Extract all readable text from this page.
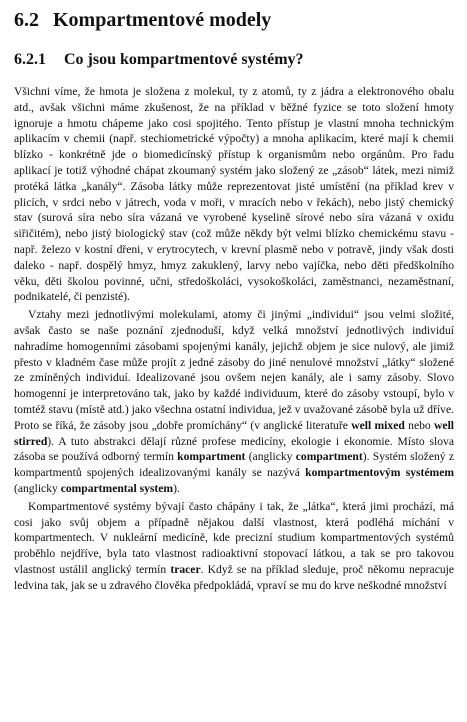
6.2 Kompartmentové modely
6.2.1 Co jsou kompartmentové systémy?

Všichni víme, že hmota je složena z molekul, ty z atomů, ty z jádra a elektronového obalu atd., avšak všichni máme zkušenost, že na příklad v běžné fyzice se toto složení hmoty ignoruje a hmotu chápeme jako cosi spojitého. Tento přístup je vlastní mnoha technickým aplikacím v chemii (např. stechiometrické výpočty) a mnoha aplikacím, které mají k chemii blízko - konkrétně jde o biomedicínský přístup k organismům nebo orgánům. Pro řadu aplikací je totiž výhodné chápat zkoumaný systém jako složený ze „zásob“ látek, mezi nimiž protéká látka „kanály“. Zásoba látky může reprezentovat jisté umístění (na příklad krev v plicích, v srdci nebo v játrech, voda v moři, v mracích nebo v řekách), nebo jistý chemický stav (surová síra nebo síra vázaná ve vyrobené kyselině sírové nebo síra vázaná v oxidu siřičitém), nebo jistý biologický stav (což může někdy být velmi blízko chemickému stavu - např. železo v kostní dřeni, v erytrocytech, v krevní plasmě nebo v potravě, jindy však dosti daleko - např. dospělý hmyz, hmyz zakuklený, larvy nebo vajíčka, nebo děti předškolního věku, děti školou povinné, učni, středoškoláci, vysokoškoláci, zaměstnanci, nezaměstnaní, podnikatelé, či penzisté).

Vztahy mezi jednotlivými molekulami, atomy či jinými „individui“ jsou velmi složité, avšak často se naše poznání zjednoduší, když velká množství jednotlivých individuí nahradíme homogenními zásobami spojenými kanály, jejichž objem je sice nulový, ale jimiž přesto v kladném čase může projít z jedné zásoby do jiné nenulové množství „látky“ složené ze zmíněných individuí. Idealizované jsou ovšem nejen kanály, ale i samy zásoby. Slovo homogenní je interpretováno tak, jako by každé individuum, které do zásoby vstoupí, bylo v tomtéž stavu (místě atd.) jako všechna ostatní individua, jež v uvažované zásobě byla už dříve. Proto se říká, že zásoby jsou „dobře promíchány“ (v anglické literatuře well mixed nebo well stirred). A tuto abstrakci dělají různé profese medicíny, ekologie i ekonomie. Místo slova zásoba se používá odborný termín kompartment (anglicky compartment). Systém složený z kompartmentů spojených idealizovanými kanály se nazývá kompartmentovým systémem (anglicky compartmental system).

Kompartmentové systémy bývají často chápány i tak, že „látka“, která jimi prochází, má cosi jako svůj objem a případně nějakou další vlastnost, která podléhá míchání v kompartmentech. V nukleární medicíně, kde precizní studium kompartmentových systémů proběhlo nejdříve, byla tato vlastnost radioaktivní stopovací látkou, a tak se pro takovou vlastnost ustálil anglický termín tracer. Když se na příklad sleduje, proč někomu nepracuje ledvina tak, jak se u zdravého člověka předpokládá, vpraví se mu do krve neškodné množství
